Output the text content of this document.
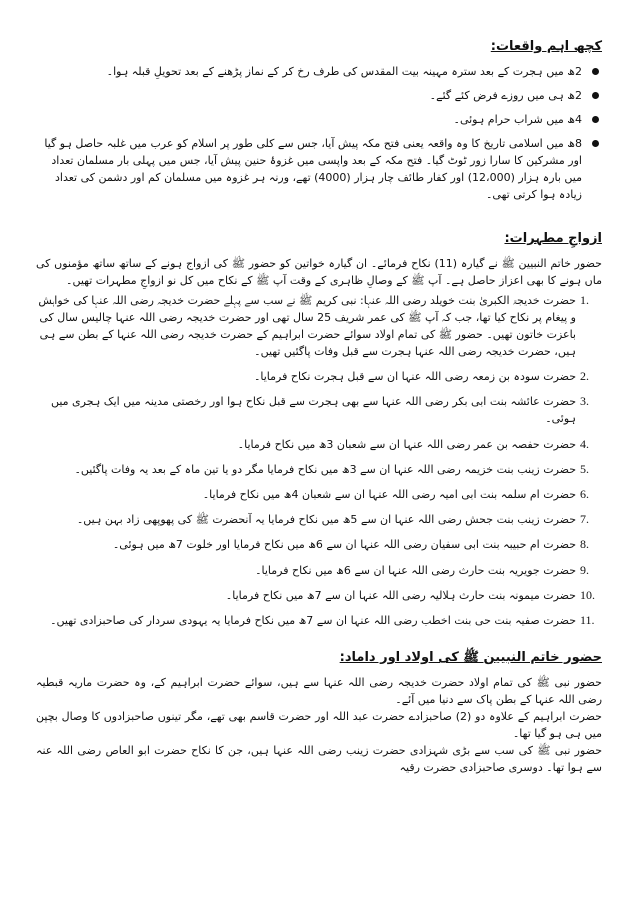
کچھ اہم واقعات:
2ھ میں ہجرت کے بعد سترہ مہینہ بیت المقدس کی طرف رخ کر کے نماز پڑھنے کے بعد تحویلِ قبلہ ہوا۔
2ھ ہی میں روزے فرض کئے گئے۔
4ھ میں شراب حرام ہوئی۔
8ھ میں اسلامی تاریخ کا وہ واقعہ یعنی فتح مکہ پیش آیا، جس سے کلی طور پر اسلام کو عرب میں غلبہ حاصل ہو گیا اور مشرکین کا سارا زور ٹوٹ گیا۔ فتح مکہ کے بعد واپسی میں غزوۂ حنین پیش آیا، جس میں پہلی بار مسلمان تعداد میں بارہ ہزار (12،000) اور کفار طائف چار ہزار (4000) تھے، ورنہ ہر غزوہ میں مسلمان کم اور دشمن کی تعداد زیادہ ہوا کرتی تھی۔
ازواجِ مطہرات:

حضور خاتم النبیین ﷺ نے گیارہ (11) نکاح فرمائے۔ ان گیارہ خواتین کو حضور ﷺ کی ازواج ہونے کے ساتھ ساتھ مؤمنوں کی ماں ہونے کا بھی اعزاز حاصل ہے۔ آپ ﷺ کے وصالِ ظاہری کے وقت آپ ﷺ کے نکاح میں کل نو ازواجِ مطہرات تھیں۔

1.
حضرت خدیجۃ الکبریٰ بنت خویلد رضی اللہ عنہا: نبی کریم ﷺ نے سب سے پہلے حضرت خدیجہ رضی اللہ عنہا کی خواہش و پیغام پر نکاح کیا تھا، جب کہ آپ ﷺ کی عمر شریف 25 سال تھی اور حضرت خدیجہ رضی اللہ عنہا چالیس سال کی باعزت خاتون تھیں۔ حضور ﷺ کی تمام اولاد سوائے حضرت ابراہیم کے حضرت خدیجہ رضی اللہ عنہا کے بطن سے ہی ہیں، حضرت خدیجہ رضی اللہ عنہا ہجرت سے قبل وفات پاگئیں تھیں۔
2.
حضرت سودہ بن زمعہ رضی اللہ عنہا ان سے قبل ہجرت نکاح فرمایا۔
3.
حضرت عائشہ بنت ابی بکر رضی اللہ عنہا سے بھی ہجرت سے قبل نکاح ہوا اور رخصتی مدینہ میں ایک ہجری میں ہوئی۔
4.
حضرت حفصہ بن عمر رضی اللہ عنہا ان سے شعبان 3ھ میں نکاح فرمایا۔
5.
حضرت زینب بنت خزیمہ رضی اللہ عنہا ان سے 3ھ میں نکاح فرمایا مگر دو یا تین ماہ کے بعد یہ وفات پاگئیں۔
6.
حضرت ام سلمہ بنت ابی امیہ رضی اللہ عنہا ان سے شعبان 4ھ میں نکاح فرمایا۔
7.
حضرت زینب بنت جحش رضی اللہ عنہا ان سے 5ھ میں نکاح فرمایا یہ آنحضرت ﷺ کی پھوپھی زاد بہن ہیں۔
8.
حضرت ام حبیبہ بنت ابی سفیان رضی اللہ عنہا ان سے 6ھ میں نکاح فرمایا اور خلوت 7ھ میں ہوئی۔
9.
حضرت جویریہ بنت حارث رضی اللہ عنہا ان سے 6ھ میں نکاح فرمایا۔
10.
حضرت میمونہ بنت حارث ہلالیہ رضی اللہ عنہا ان سے 7ھ میں نکاح فرمایا۔
11.
حضرت صفیہ بنت حی بنت اخطب رضی اللہ عنہا ان سے 7ھ میں نکاح فرمایا یہ یہودی سردار کی صاحبزادی تھیں۔
حضور خاتم النبیین ﷺ کی اولاد اور داماد:

حضور نبی ﷺ کی تمام اولاد حضرت خدیجہ رضی اللہ عنہا سے ہیں، سوائے حضرت ابراہیم کے، وہ حضرت ماریہ قبطیہ رضی اللہ عنہا کے بطن پاک سے دنیا میں آئے۔

حضرت ابراہیم کے علاوہ دو (2) صاحبزادے حضرت عبد اللہ اور حضرت قاسم بھی تھے، مگر تینوں صاحبزادوں کا وصال بچپن میں ہی ہو گیا تھا۔

حضور نبی ﷺ کی سب سے بڑی شہزادی حضرت زینب رضی اللہ عنہا ہیں، جن کا نکاح حضرت ابو العاص رضی اللہ عنہ سے ہوا تھا۔ دوسری صاحبزادی حضرت رقیہ
